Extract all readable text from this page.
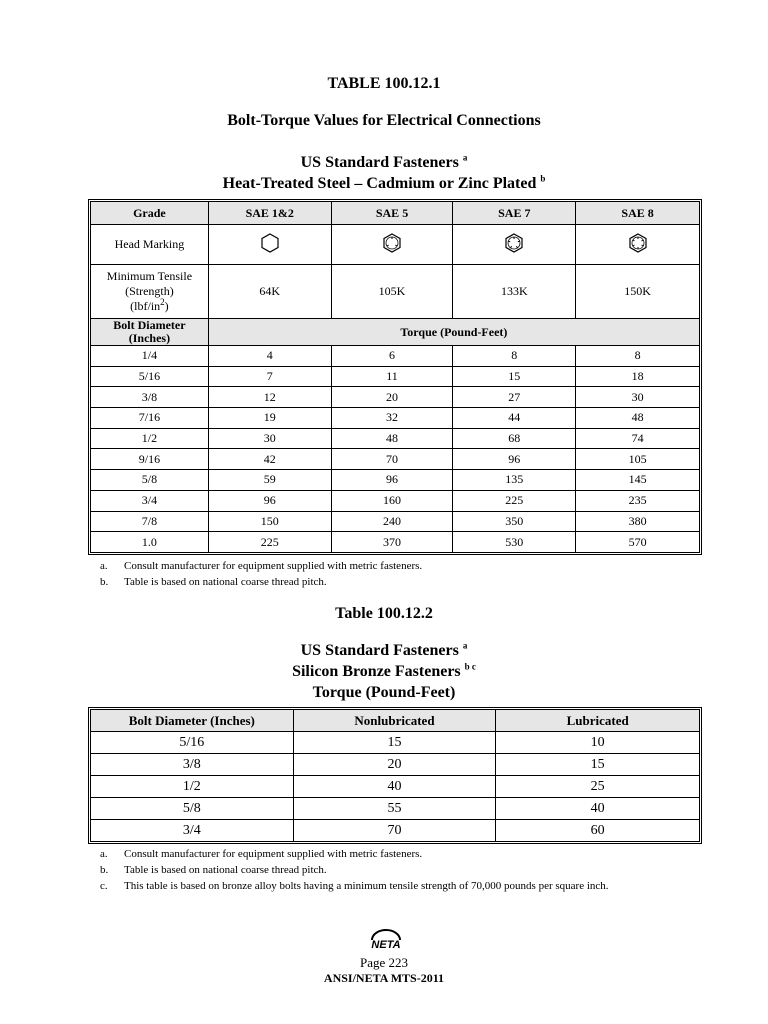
TABLE 100.12.1
Bolt-Torque Values for Electrical Connections
US Standard Fasteners $^a$
Heat-Treated Steel – Cadmium or Zinc Plated $^b$
Grade	SAE 1&2	SAE 5	SAE 7	SAE 8
Head Marking				

Minimum Tensile
(Strength)
$(lbf/in^2)$	64K	105K	133K	150K

Bolt Diameter
(Inches)	Torque (Pound-Feet)			
1/4	4	6	8	8
5/16	7	11	15	18
3/8	12	20	27	30
7/16	19	32	44	48
1/2	30	48	68	74
9/16	42	70	96	105
5/8	59	96	135	145
3/4	96	160	225	235
7/8	150	240	350	380
1.0	225	370	530	570
a. Consult manufacturer for equipment supplied with metric fasteners.
b. Table is based on national coarse thread pitch.
Table 100.12.2
US Standard Fasteners $^a$
Silicon Bronze Fasteners $^{b c}$
Torque (Pound-Feet)
Bolt Diameter (Inches)	Nonlubricated	Lubricated
5/16	15	10
3/8	20	15
1/2	40	25
5/8	55	40
3/4	70	60
a. Consult manufacturer for equipment supplied with metric fasteners.
b. Table is based on national coarse thread pitch.
c. This table is based on bronze alloy bolts having a minimum tensile strength of 70,000 pounds per square inch.
NETA
Page 223
ANSI/NETA MTS-2011
